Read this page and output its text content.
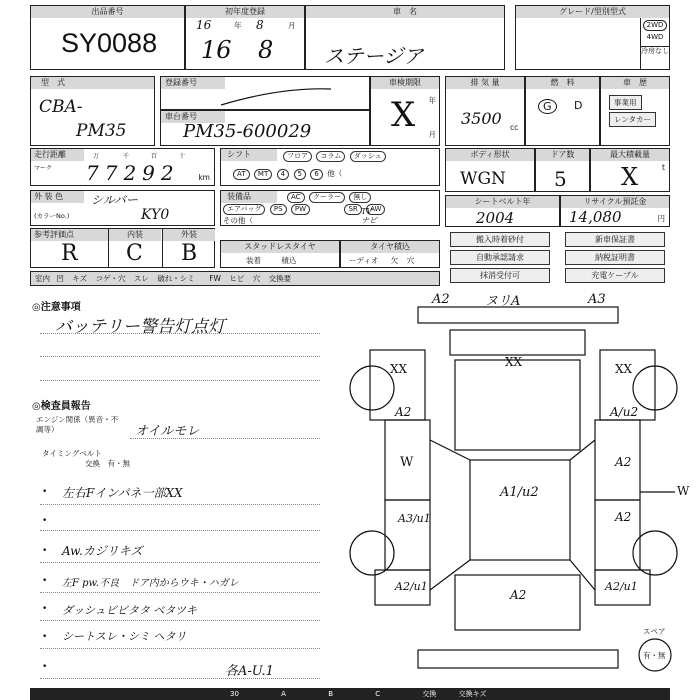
出品番号
SY0088
初年度登録
16	年 8	月
16 8
車　名
ステージア
グレード/型別型式
2WD
4WD
冷房なし
型　式
CBA-
PM35
登録番号
車台番号
PM35-600029
車検期限
年
月
X
排 気 量
3500 cc
燃　料
G	D
車　歴
事業用
レンタカー
走行距離
マーク
万	千	百	十
77292 km
シフト	フロア コラム ダッシュ
AT MT 4 5 6 他（
ボディ形状
WGN
ドア数
5
最大積載量
t
X
外 装 色
(カラーNo.)
シルバー
KY0
装備品	AC クーラー 無し
エアバッグ PS PW	SR AW
その他（
TV
ナビ
シートベルト年
2004
リサイクル預託金
14,080	円
参考評価点	内装	外装
R C B	スタッドレスタイヤ
装着	積込
タイヤ積込
ーディオ 欠 穴
搬入時着砂付
自動承認請求
抹消受付可
新車保証書
納税証明書
充電ケーブル
室内 凹 キズ コゲ・穴 スレ 破れ・シミ FW ヒビ 穴 交換要
◎注意事項
バッテリー警告灯点灯
◎検査員報告
エンジン関係（異音・不調等）	オイルモレ
タイミングベルト
交換　有・無
• 左右Fインパネ一部XX
•
• Aw.カジリキズ
• 左F pw.不良　ドア内からウキ・ハガレ
• ダッシュビビタタ ベタツキ
• シートスレ・シミ ヘタリ
•	各A-U.1
A2	ヌリA	A3
XX	XX	XX
A2	A/u2
W	A2
A3/u1	A2
A2/u1	A2/u1
A1/u2
A2
W
スペア
有・無
30	A	B	C	交換	交換キズ
